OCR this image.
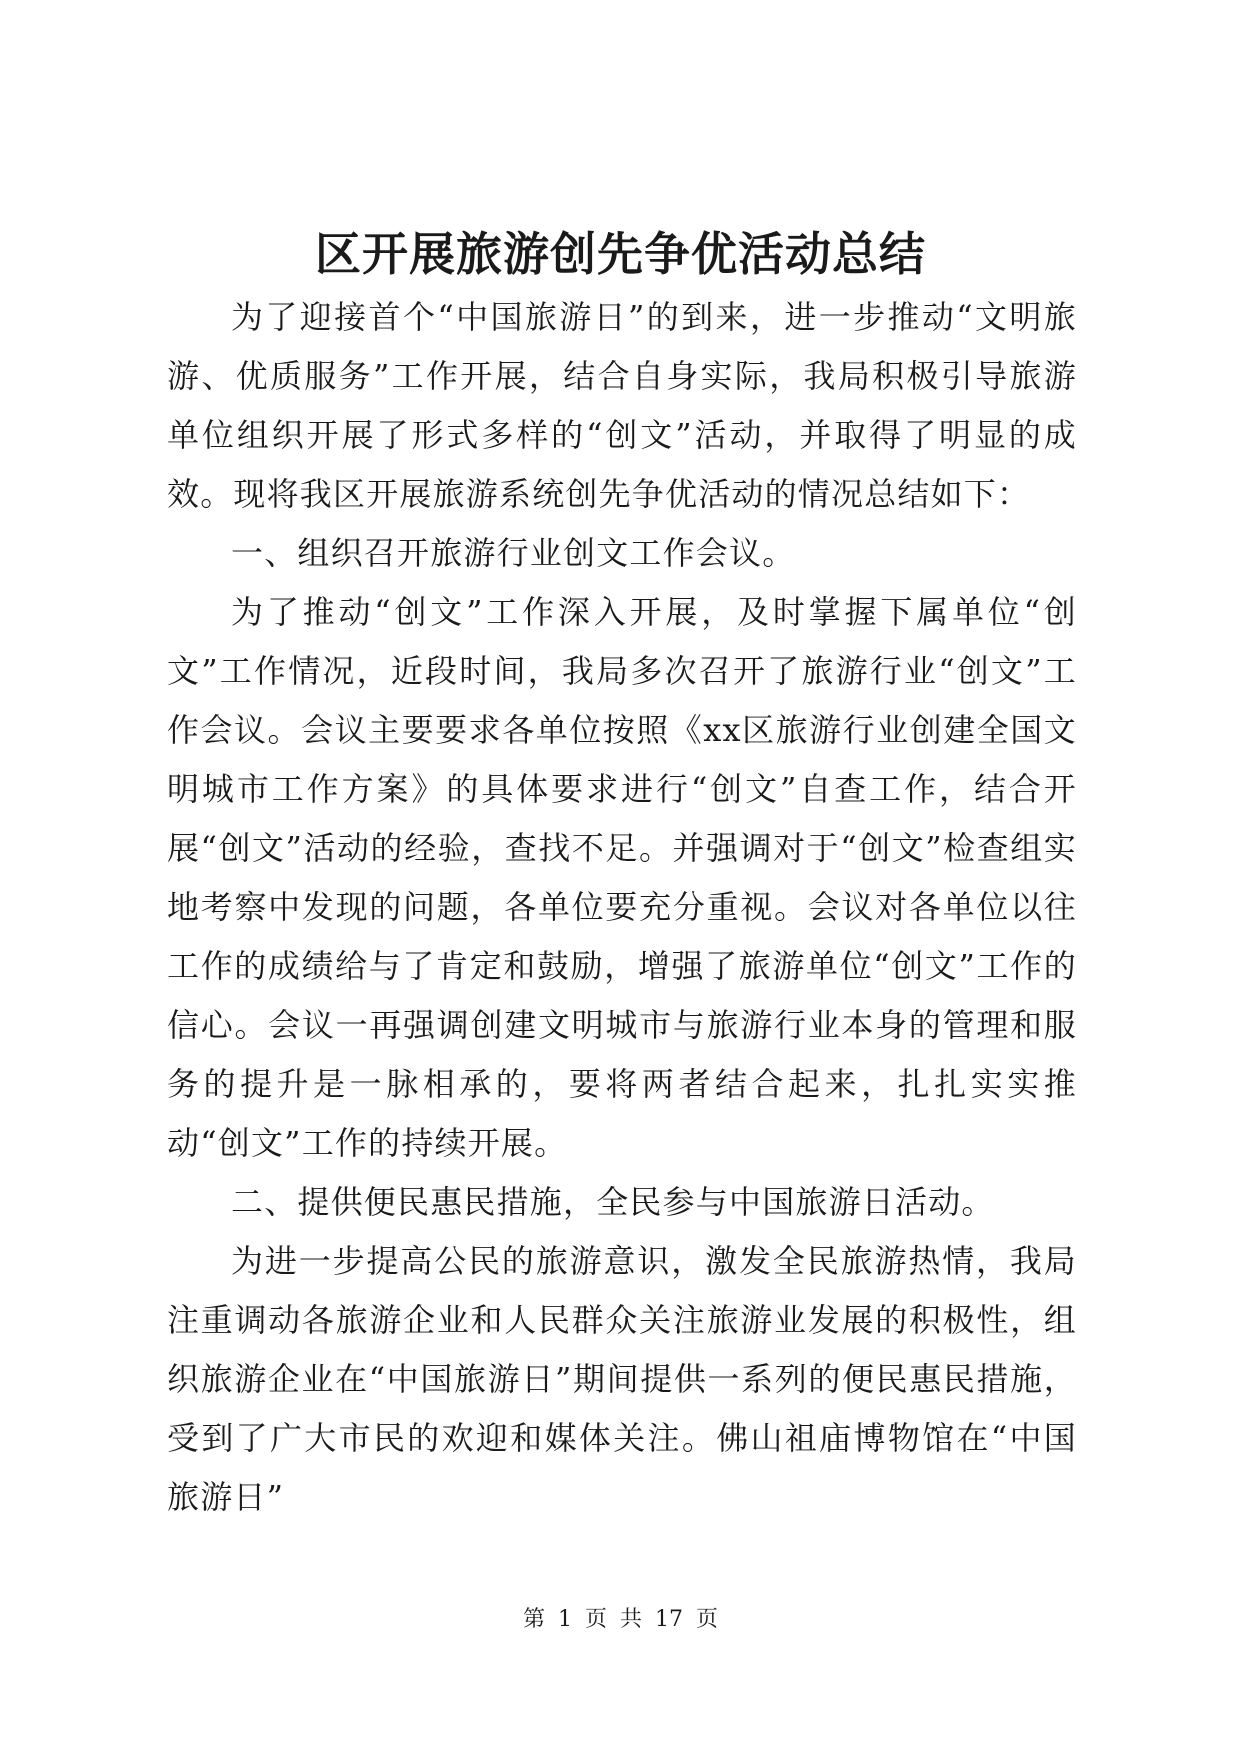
区开展旅游创先争优活动总结

为了迎接首个“中国旅游日”的到来，进一步推动“文明旅游、优质服务”工作开展，结合自身实际，我局积极引导旅游单位组织开展了形式多样的“创文”活动，并取得了明显的成效。现将我区开展旅游系统创先争优活动的情况总结如下：

一、组织召开旅游行业创文工作会议。

为了推动“创文”工作深入开展，及时掌握下属单位“创文”工作情况，近段时间，我局多次召开了旅游行业“创文”工作会议。会议主要要求各单位按照《xx区旅游行业创建全国文明城市工作方案》的具体要求进行“创文”自查工作，结合开展“创文”活动的经验，查找不足。并强调对于“创文”检查组实地考察中发现的问题，各单位要充分重视。会议对各单位以往工作的成绩给与了肯定和鼓励，增强了旅游单位“创文”工作的信心。会议一再强调创建文明城市与旅游行业本身的管理和服务的提升是一脉相承的，要将两者结合起来，扎扎实实推动“创文”工作的持续开展。

二、提供便民惠民措施，全民参与中国旅游日活动。

为进一步提高公民的旅游意识，激发全民旅游热情，我局注重调动各旅游企业和人民群众关注旅游业发展的积极性，组织旅游企业在“中国旅游日”期间提供一系列的便民惠民措施，受到了广大市民的欢迎和媒体关注。佛山祖庙博物馆在“中国旅游日”

第 1 页 共 17 页
